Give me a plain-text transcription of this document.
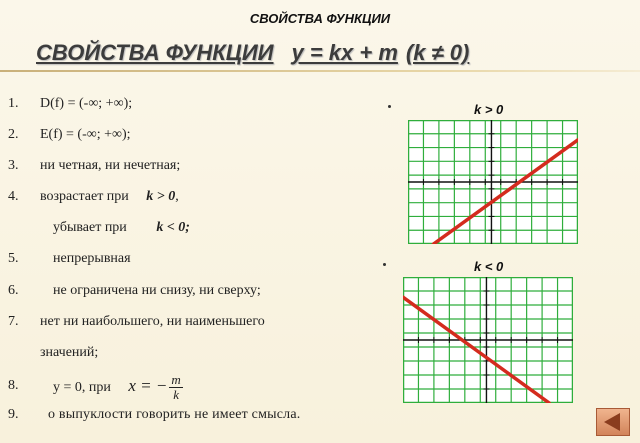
СВОЙСТВА ФУНКЦИИ
СВОЙСТВА ФУНКЦИИ y = kx + m (k ≠ 0)
1. D(f) = (-∞; +∞);
2. E(f) = (-∞; +∞);
3. ни четная, ни нечетная;
4. возрастает при k > 0,
убывает при k < 0;
5. непрерывная
6. не ограничена ни снизу, ни сверху;
7. нет ни наибольшего, ни наименьшего
значений;
8. y = 0, при x = − $\frac{m}{k}$
9. о выпуклости говорить не имеет смысла.
k > 0
k < 0
